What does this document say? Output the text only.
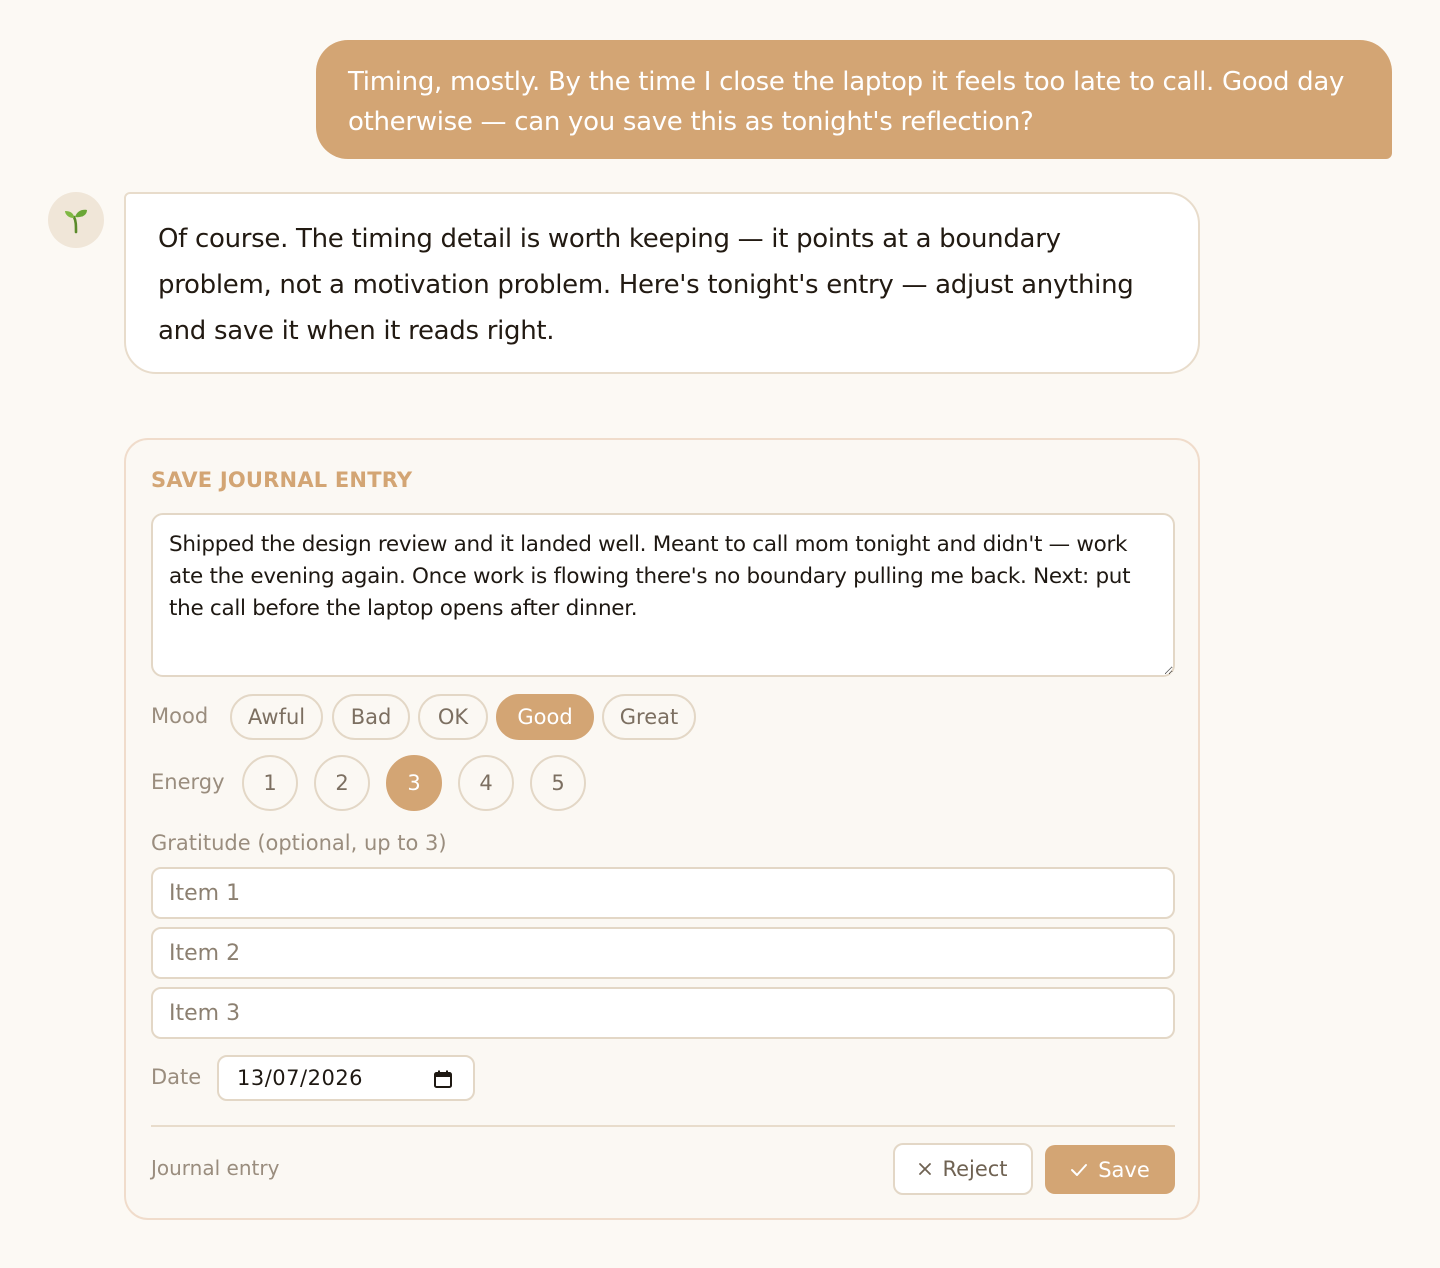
Timing, mostly. By the time I close the laptop it feels too late to call. Good day otherwise — can you save this as tonight's reflection?
Of course. The timing detail is worth keeping — it points at a boundary problem, not a motivation problem. Here's tonight's entry — adjust anything and save it when it reads right.
SAVE JOURNAL ENTRY
Shipped the design review and it landed well. Meant to call mom tonight and didn't — work ate the evening again. Once work is flowing there's no boundary pulling me back. Next: put the call before the laptop opens after dinner.
Mood	Awful	Bad	OK	Good	Great
Energy	1	2	3	4	5
Gratitude (optional, up to 3)
Item 1
Item 2
Item 3
Date 13/07/2026
Journal entry	Reject	Save
